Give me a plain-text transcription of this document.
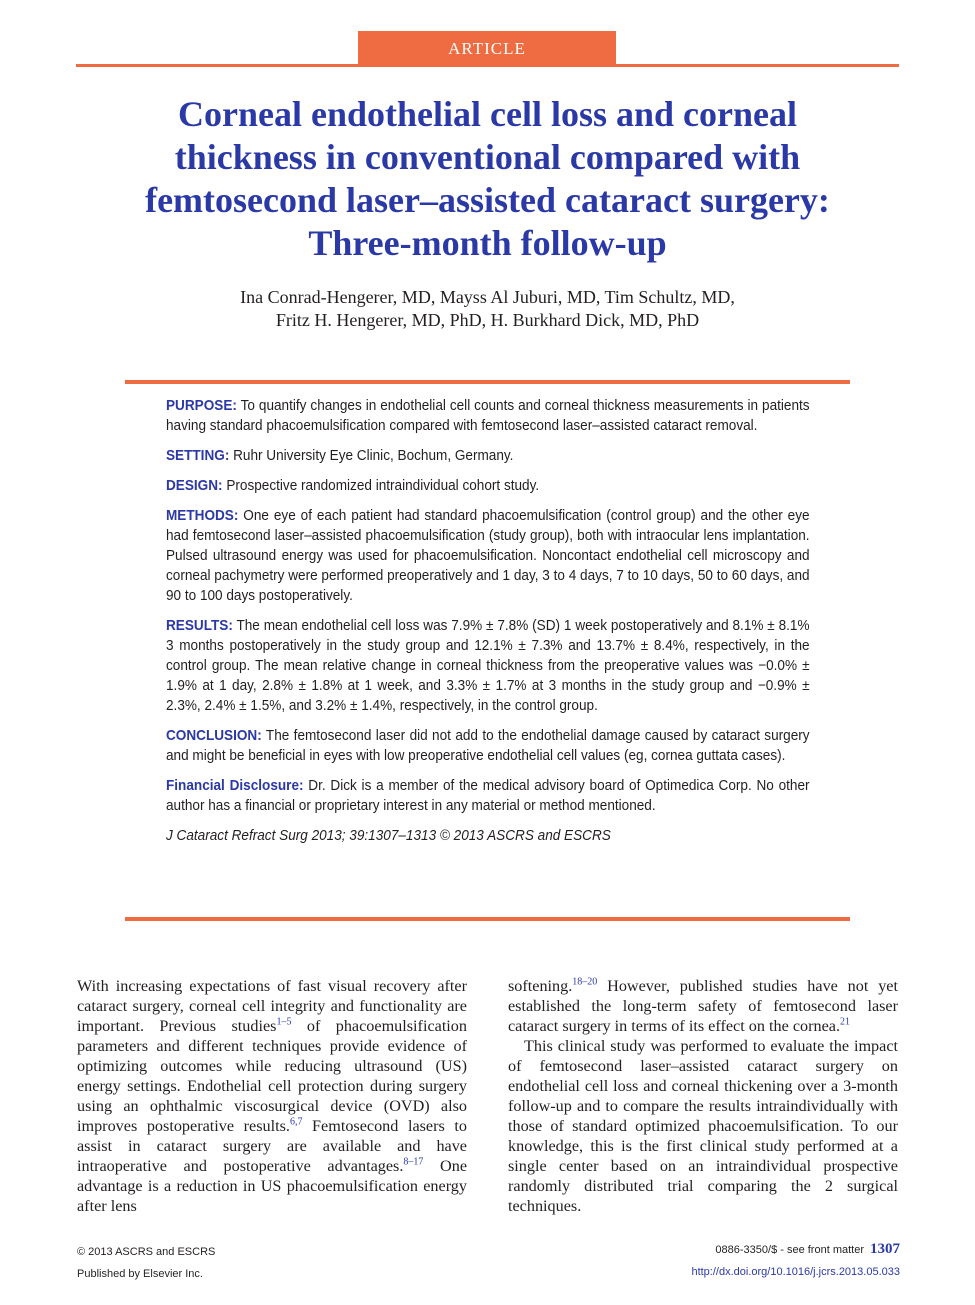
ARTICLE
Corneal endothelial cell loss and corneal thickness in conventional compared with femtosecond laser–assisted cataract surgery: Three-month follow-up
Ina Conrad-Hengerer, MD, Mayss Al Juburi, MD, Tim Schultz, MD,
Fritz H. Hengerer, MD, PhD, H. Burkhard Dick, MD, PhD

PURPOSE: To quantify changes in endothelial cell counts and corneal thickness measurements in patients having standard phacoemulsification compared with femtosecond laser–assisted cataract removal.

SETTING: Ruhr University Eye Clinic, Bochum, Germany.

DESIGN: Prospective randomized intraindividual cohort study.

METHODS: One eye of each patient had standard phacoemulsification (control group) and the other eye had femtosecond laser–assisted phacoemulsification (study group), both with intraocular lens implantation. Pulsed ultrasound energy was used for phacoemulsification. Noncontact endothelial cell microscopy and corneal pachymetry were performed preoperatively and 1 day, 3 to 4 days, 7 to 10 days, 50 to 60 days, and 90 to 100 days postoperatively.

RESULTS: The mean endothelial cell loss was 7.9% ± 7.8% (SD) 1 week postoperatively and 8.1% ± 8.1% 3 months postoperatively in the study group and 12.1% ± 7.3% and 13.7% ± 8.4%, respectively, in the control group. The mean relative change in corneal thickness from the preoperative values was −0.0% ± 1.9% at 1 day, 2.8% ± 1.8% at 1 week, and 3.3% ± 1.7% at 3 months in the study group and −0.9% ± 2.3%, 2.4% ± 1.5%, and 3.2% ± 1.4%, respectively, in the control group.

CONCLUSION: The femtosecond laser did not add to the endothelial damage caused by cataract surgery and might be beneficial in eyes with low preoperative endothelial cell values (eg, cornea guttata cases).

Financial Disclosure: Dr. Dick is a member of the medical advisory board of Optimedica Corp. No other author has a financial or proprietary interest in any material or method mentioned.

J Cataract Refract Surg 2013; 39:1307–1313 © 2013 ASCRS and ESCRS

With increasing expectations of fast visual recovery after cataract surgery, corneal cell integrity and functionality are important. Previous studies$^{1-5}$ of phacoemulsification parameters and different techniques provide evidence of optimizing outcomes while reducing ultrasound (US) energy settings. Endothelial cell protection during surgery using an ophthalmic viscosurgical device (OVD) also improves postoperative results.$^{6,7}$ Femtosecond lasers to assist in cataract surgery are available and have intraoperative and postoperative advantages.$^{8-17}$ One advantage is a reduction in US phacoemulsification energy after lens

softening.$^{18-20}$ However, published studies have not yet established the long-term safety of femtosecond laser cataract surgery in terms of its effect on the cornea.$^{21}$

This clinical study was performed to evaluate the impact of femtosecond laser–assisted cataract surgery on endothelial cell loss and corneal thickening over a 3-month follow-up and to compare the results intraindividually with those of standard optimized phacoemulsification. To our knowledge, this is the first clinical study performed at a single center based on an intraindividual prospective randomly distributed trial comparing the 2 surgical techniques.

© 2013 ASCRS and ESCRS
Published by Elsevier Inc.
0886-3350/$ - see front matter 1307
http://dx.doi.org/10.1016/j.jcrs.2013.05.033
